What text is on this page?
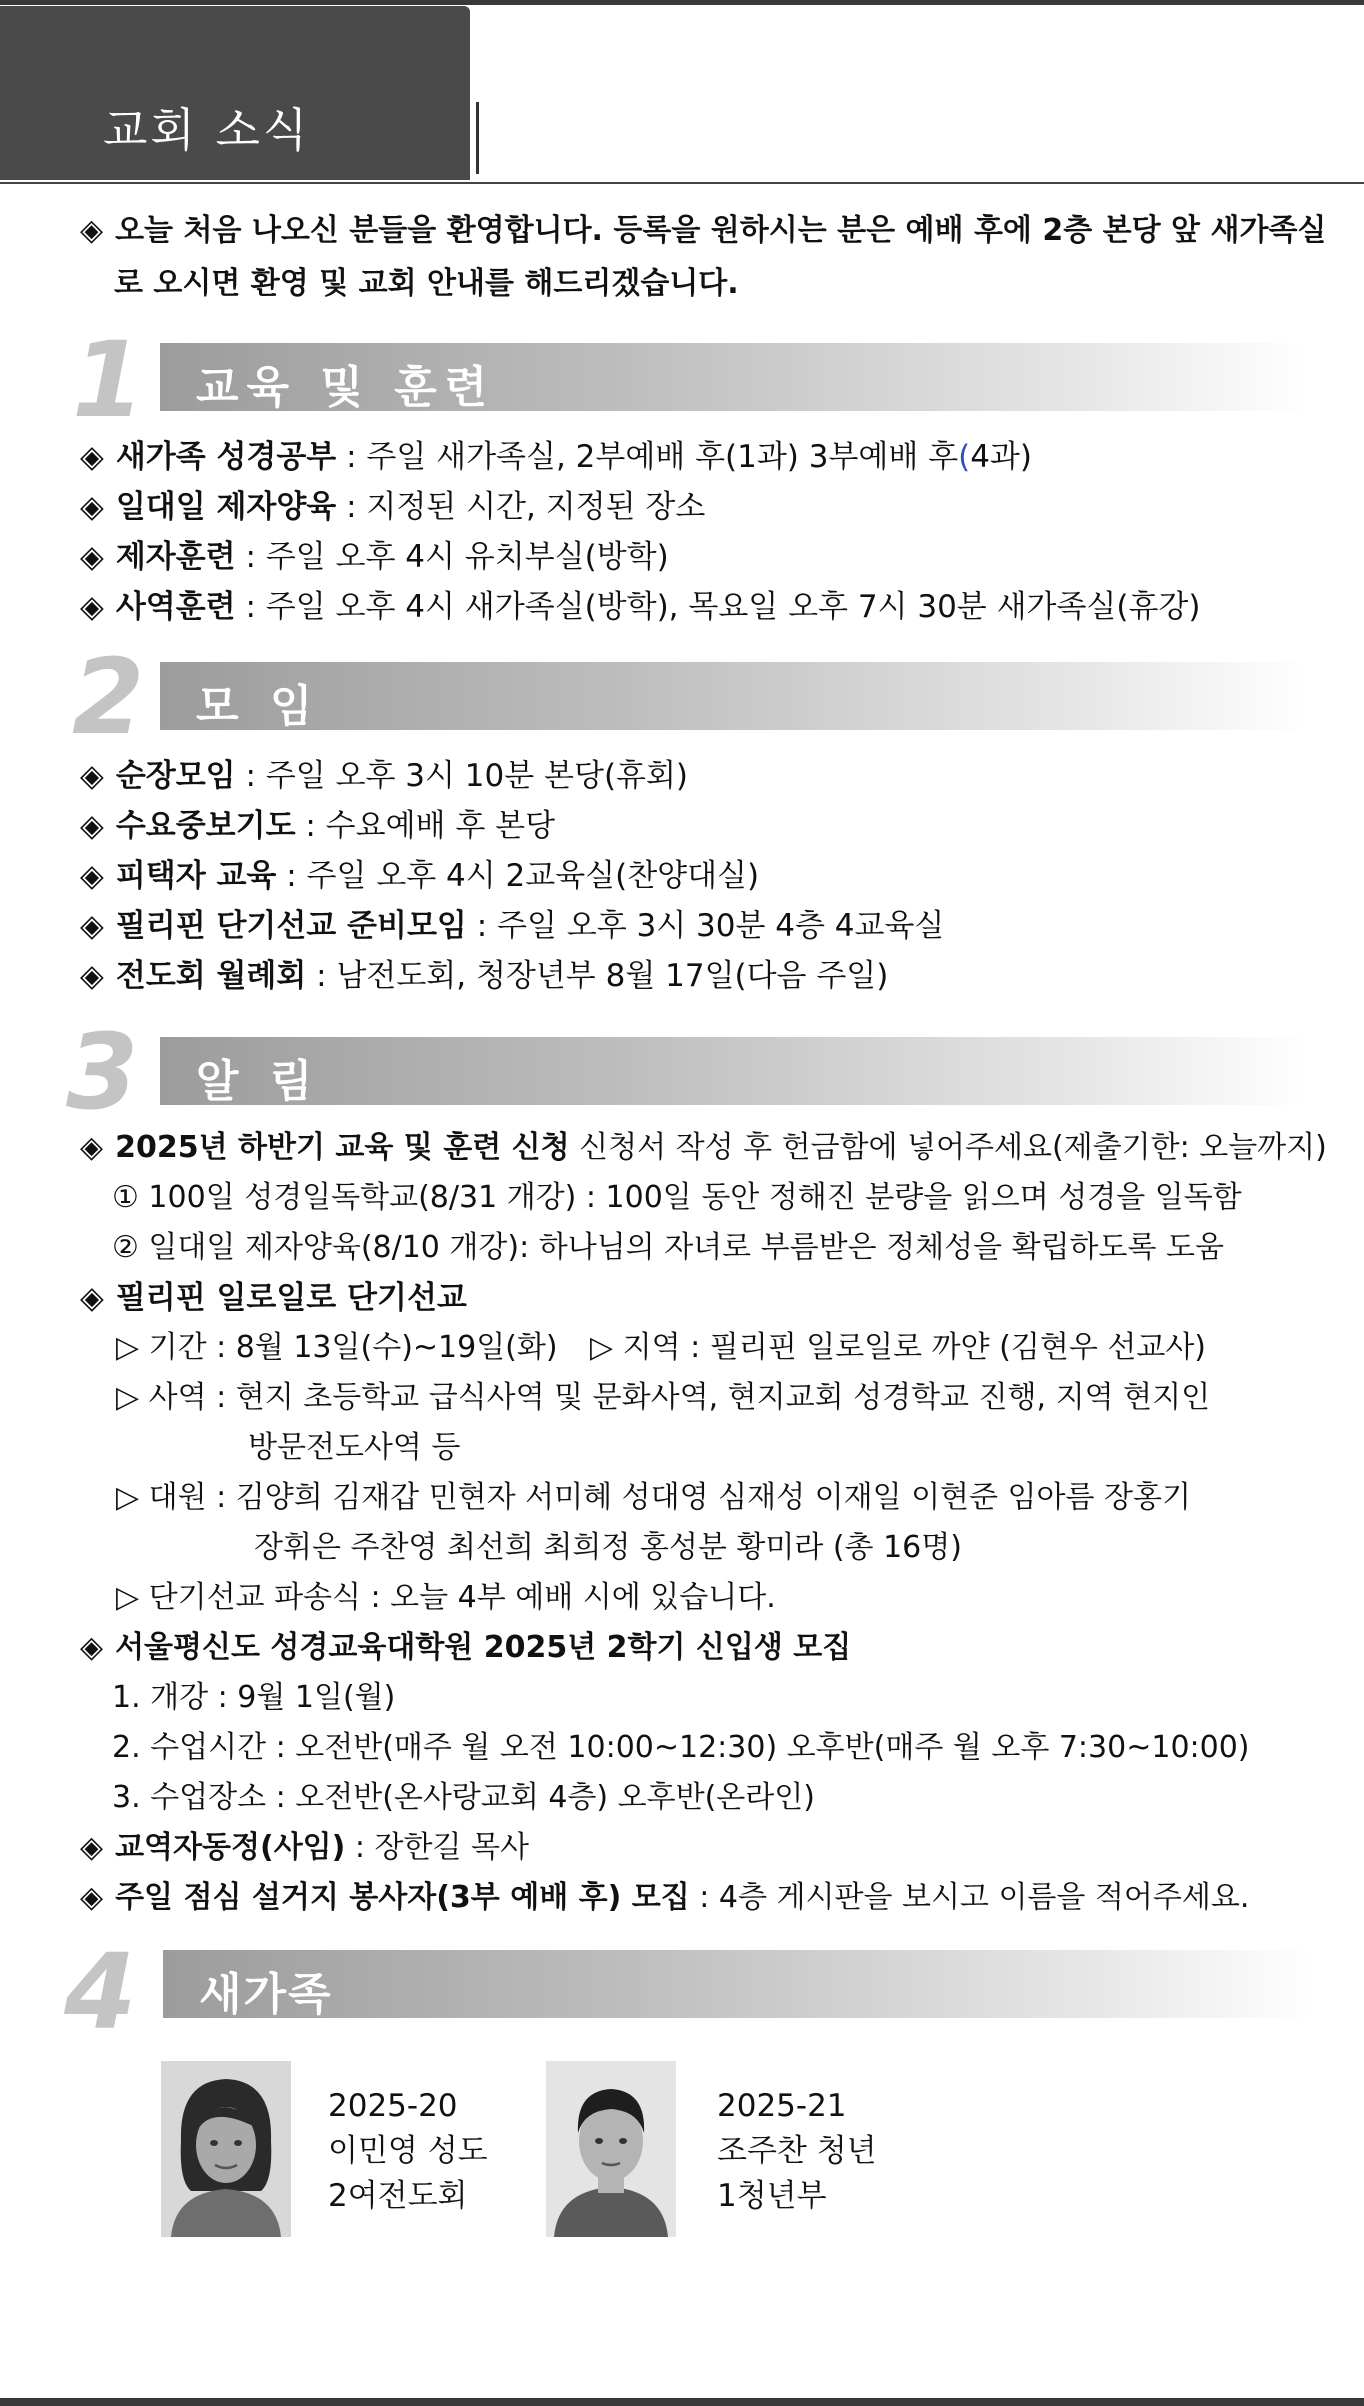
교회 소식
◈ 오늘 처음 나오신 분들을 환영합니다. 등록을 원하시는 분은 예배 후에 2층 본당 앞 새가족실
로 오시면 환영 및 교회 안내를 해드리겠습니다.
1 교육 및 훈련
◈ 새가족 성경공부 : 주일 새가족실, 2부예배 후(1과) 3부예배 후(4과)
◈ 일대일 제자양육 : 지정된 시간, 지정된 장소
◈ 제자훈련 : 주일 오후 4시 유치부실(방학)
◈ 사역훈련 : 주일 오후 4시 새가족실(방학), 목요일 오후 7시 30분 새가족실(휴강)
2 모 임
◈ 순장모임 : 주일 오후 3시 10분 본당(휴회)
◈ 수요중보기도 : 수요예배 후 본당
◈ 피택자 교육 : 주일 오후 4시 2교육실(찬양대실)
◈ 필리핀 단기선교 준비모임 : 주일 오후 3시 30분 4층 4교육실
◈ 전도회 월례회 : 남전도회, 청장년부 8월 17일(다음 주일)
3 알 림
◈ 2025년 하반기 교육 및 훈련 신청 신청서 작성 후 헌금함에 넣어주세요(제출기한: 오늘까지)
① 100일 성경일독학교(8/31 개강) : 100일 동안 정해진 분량을 읽으며 성경을 일독함
② 일대일 제자양육(8/10 개강): 하나님의 자녀로 부름받은 정체성을 확립하도록 도움
◈ 필리핀 일로일로 단기선교
▷ 기간 : 8월 13일(수)~19일(화) ▷ 지역 : 필리핀 일로일로 까얀 (김현우 선교사)
▷ 사역 : 현지 초등학교 급식사역 및 문화사역, 현지교회 성경학교 진행, 지역 현지인
방문전도사역 등
▷ 대원 : 김양희 김재갑 민현자 서미혜 성대영 심재성 이재일 이현준 임아름 장홍기
장휘은 주찬영 최선희 최희정 홍성분 황미라 (총 16명)
▷ 단기선교 파송식 : 오늘 4부 예배 시에 있습니다.
◈ 서울평신도 성경교육대학원 2025년 2학기 신입생 모집
1. 개강 : 9월 1일(월)
2. 수업시간 : 오전반(매주 월 오전 10:00~12:30) 오후반(매주 월 오후 7:30~10:00)
3. 수업장소 : 오전반(온사랑교회 4층) 오후반(온라인)
◈ 교역자동정(사임) : 장한길 목사
◈ 주일 점심 설거지 봉사자(3부 예배 후) 모집 : 4층 게시판을 보시고 이름을 적어주세요.
4 새가족
2025-20
이민영 성도
2여전도회
2025-21
조주찬 청년
1청년부
